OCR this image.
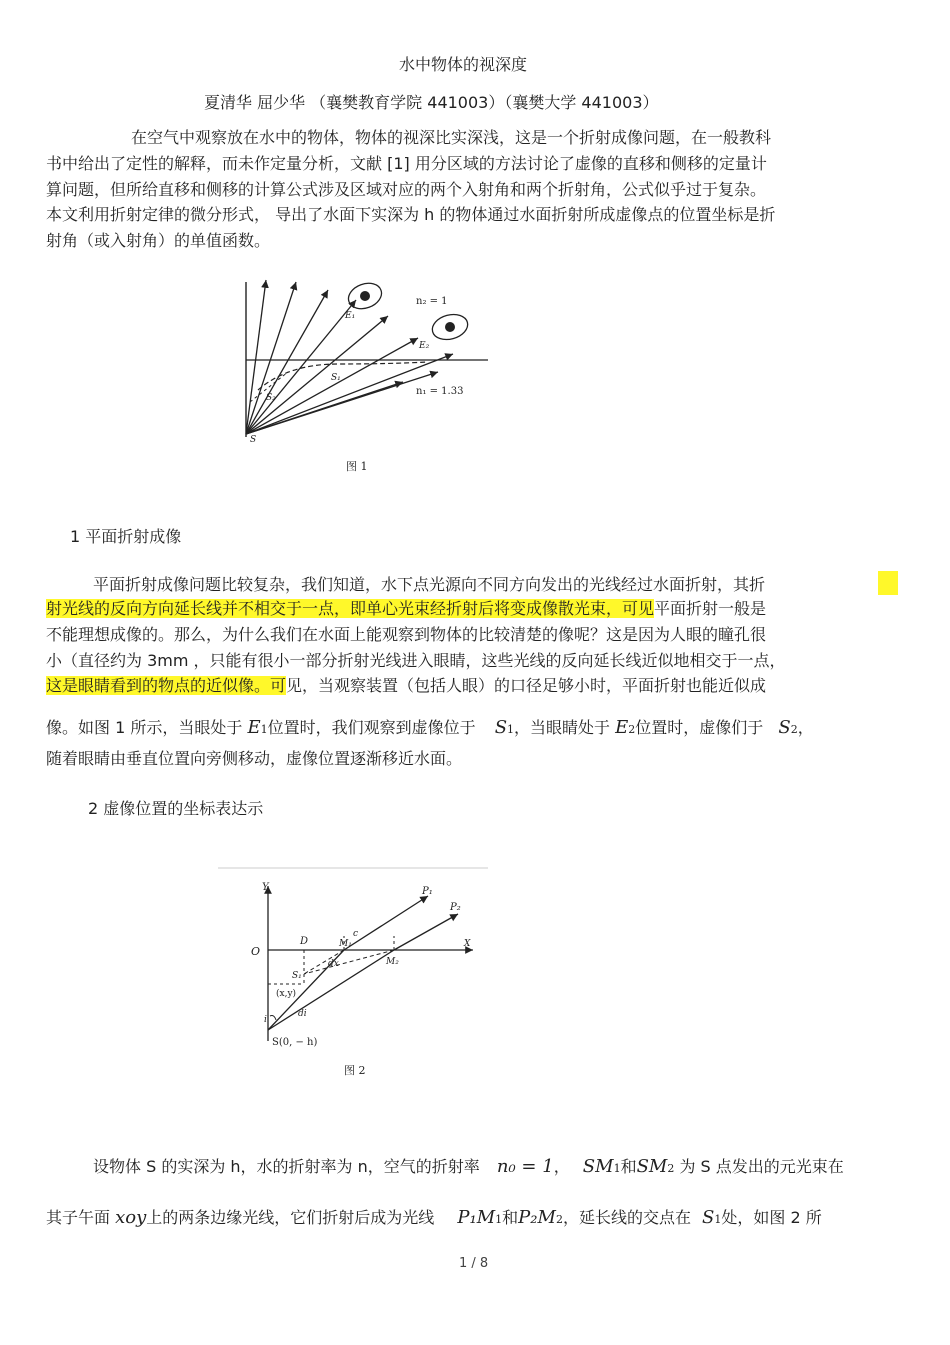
水中物体的视深度
夏清华 屈少华 （襄樊教育学院 441003）（襄樊大学 441003）
在空气中观察放在水中的物体，物体的视深比实深浅，这是一个折射成像问题，在一般教科
书中给出了定性的解释，而未作定量分析，文献 [1] 用分区域的方法讨论了虚像的直移和侧移的定量计
算问题，但所给直移和侧移的计算公式涉及区域对应的两个入射角和两个折射角，公式似乎过于复杂。
本文利用折射定律的微分形式， 导出了水面下实深为 h 的物体通过水面折射所成虚像点的位置坐标是折
射角（或入射角）的单值函数。
n₂ = 1
n₁ = 1.33
E₁
E₂
S₁
S₂
S
图 1
1 平面折射成像
平面折射成像问题比较复杂，我们知道，水下点光源向不同方向发出的光线经过水面折射，其折
射光线的反向方向延长线并不相交于一点，即单心光束经折射后将变成像散光束，可见平面折射一般是
不能理想成像的。那么，为什么我们在水面上能观察到物体的比较清楚的像呢？这是因为人眼的瞳孔很
小（直径约为 3mm ，只能有很小一部分折射光线进入眼睛，这些光线的反向延长线近似地相交于一点，
这是眼睛看到的物点的近似像。可见，当观察装置（包括人眼）的口径足够小时，平面折射也能近似成
像。如图 1 所示，当眼处于 E1位置时，我们观察到虚像位于 S1，当眼睛处于 E2位置时，虚像们于 S2，
随着眼睛由垂直位置向旁侧移动，虚像位置逐渐移近水面。
2 虚像位置的坐标表达示
Y
X
O
D	M₁
M₂
P₁
P₂
S₁
(x,y)
S(0, − h)
i
di
dx
c
图 2
设物体 S 的实深为 h，水的折射率为 n，空气的折射率 n₀ = 1， SM1和SM2 为 S 点发出的元光束在
其子午面 xoy上的两条边缘光线，它们折射后成为光线 P₁M1和P₂M2，延长线的交点在 S1处，如图 2 所
1 / 8
